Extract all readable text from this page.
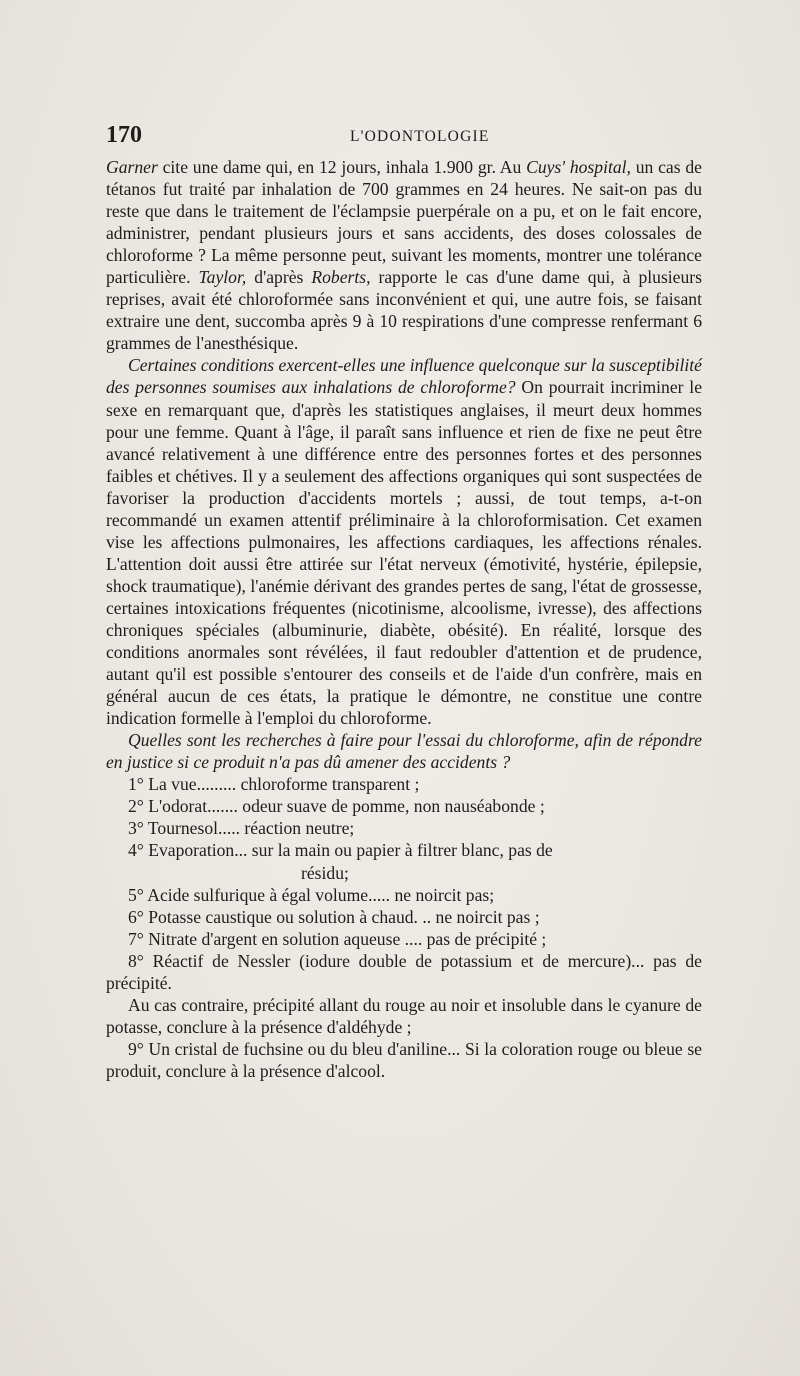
170	L'ODONTOLOGIE

Garner cite une dame qui, en 12 jours, inhala 1.900 gr. Au Cuys' hospital, un cas de tétanos fut traité par inhalation de 700 grammes en 24 heures. Ne sait-on pas du reste que dans le traitement de l'éclampsie puerpérale on a pu, et on le fait encore, administrer, pendant plusieurs jours et sans accidents, des doses colossales de chloroforme ? La même personne peut, suivant les moments, montrer une tolérance particulière. Taylor, d'après Roberts, rapporte le cas d'une dame qui, à plusieurs reprises, avait été chloroformée sans inconvénient et qui, une autre fois, se faisant extraire une dent, succomba après 9 à 10 respirations d'une compresse renfermant 6 grammes de l'anesthésique.

Certaines conditions exercent-elles une influence quelconque sur la susceptibilité des personnes soumises aux inhalations de chloroforme? On pourrait incriminer le sexe en remarquant que, d'après les statistiques anglaises, il meurt deux hommes pour une femme. Quant à l'âge, il paraît sans influence et rien de fixe ne peut être avancé relativement à une différence entre des personnes fortes et des personnes faibles et chétives. Il y a seulement des affections organiques qui sont suspectées de favoriser la production d'accidents mortels ; aussi, de tout temps, a-t-on recommandé un examen attentif préliminaire à la chloroformisation. Cet examen vise les affections pulmonaires, les affections cardiaques, les affections rénales. L'attention doit aussi être attirée sur l'état nerveux (émotivité, hystérie, épilepsie, shock traumatique), l'anémie dérivant des grandes pertes de sang, l'état de grossesse, certaines intoxications fréquentes (nicotinisme, alcoolisme, ivresse), des affections chroniques spéciales (albuminurie, diabète, obésité). En réalité, lorsque des conditions anormales sont révélées, il faut redoubler d'attention et de prudence, autant qu'il est possible s'entourer des conseils et de l'aide d'un confrère, mais en général aucun de ces états, la pratique le démontre, ne constitue une contre indication formelle à l'emploi du chloroforme.

Quelles sont les recherches à faire pour l'essai du chloroforme, afin de répondre en justice si ce produit n'a pas dû amener des accidents ?

1° La vue......... chloroforme transparent ;

2° L'odorat....... odeur suave de pomme, non nauséabonde ;

3° Tournesol..... réaction neutre;

4° Evaporation... sur la main ou papier à filtrer blanc, pas de

résidu;

5° Acide sulfurique à égal volume..... ne noircit pas;

6° Potasse caustique ou solution à chaud. .. ne noircit pas ;

7° Nitrate d'argent en solution aqueuse .... pas de précipité ;

8° Réactif de Nessler (iodure double de potassium et de mercure)... pas de précipité.

Au cas contraire, précipité allant du rouge au noir et insoluble dans le cyanure de potasse, conclure à la présence d'aldéhyde ;

9° Un cristal de fuchsine ou du bleu d'aniline... Si la coloration rouge ou bleue se produit, conclure à la présence d'alcool.
